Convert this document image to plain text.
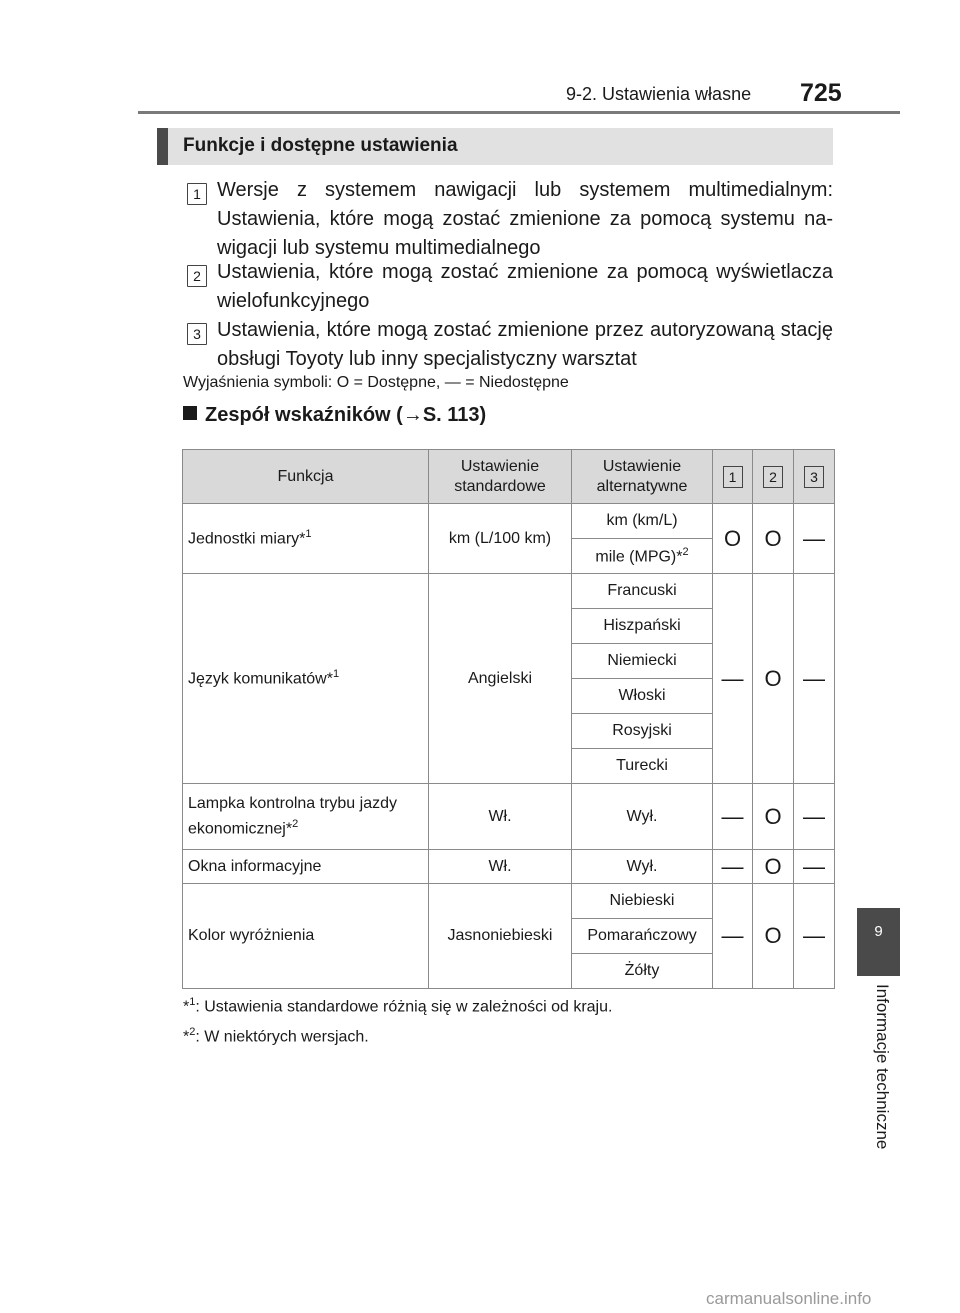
9-2. Ustawienia własne 725
9
Informacje techniczne
Funkcje i dostępne ustawienia
1 Wersje z systemem nawigacji lub systemem multimedialnym: Ustawienia, które mogą zostać zmienione za pomocą systemu na-wigacji lub systemu multimedialnego
2 Ustawienia, które mogą zostać zmienione za pomocą wyświetlacza wielofunkcyjnego
3 Ustawienia, które mogą zostać zmienione przez autoryzowaną stację obsługi Toyoty lub inny specjalistyczny warsztat
Wyjaśnienia symboli: O = Dostępne, — = Niedostępne
Zespół wskaźników (→S. 113)
Funkcja	Ustawienie standardowe	Ustawienie alternatywne	1	2	3
Jednostki miary*$^1$	km (L/100 km)	km (km/L)	O	O	—
		mile (MPG)*$^2$
Język komunikatów*$^1$	Angielski	Francuski	—	O	—
		Hiszpański			
		Niemiecki			
		Włoski			
		Rosyjski			
		Turecki			
Lampka kontrolna trybu jazdy ekonomicznej*$^2$	Wł.	Wył.	—	O	—
Okna informacyjne	Wł.	Wył.	—	O	—
Kolor wyróżnienia	Jasnoniebieski	Niebieski	—	O	—
		Pomarańczowy			
		Żółty			
*$^1$: Ustawienia standardowe różnią się w zależności od kraju.
*$^2$: W niektórych wersjach.
carmanualsonline.info
